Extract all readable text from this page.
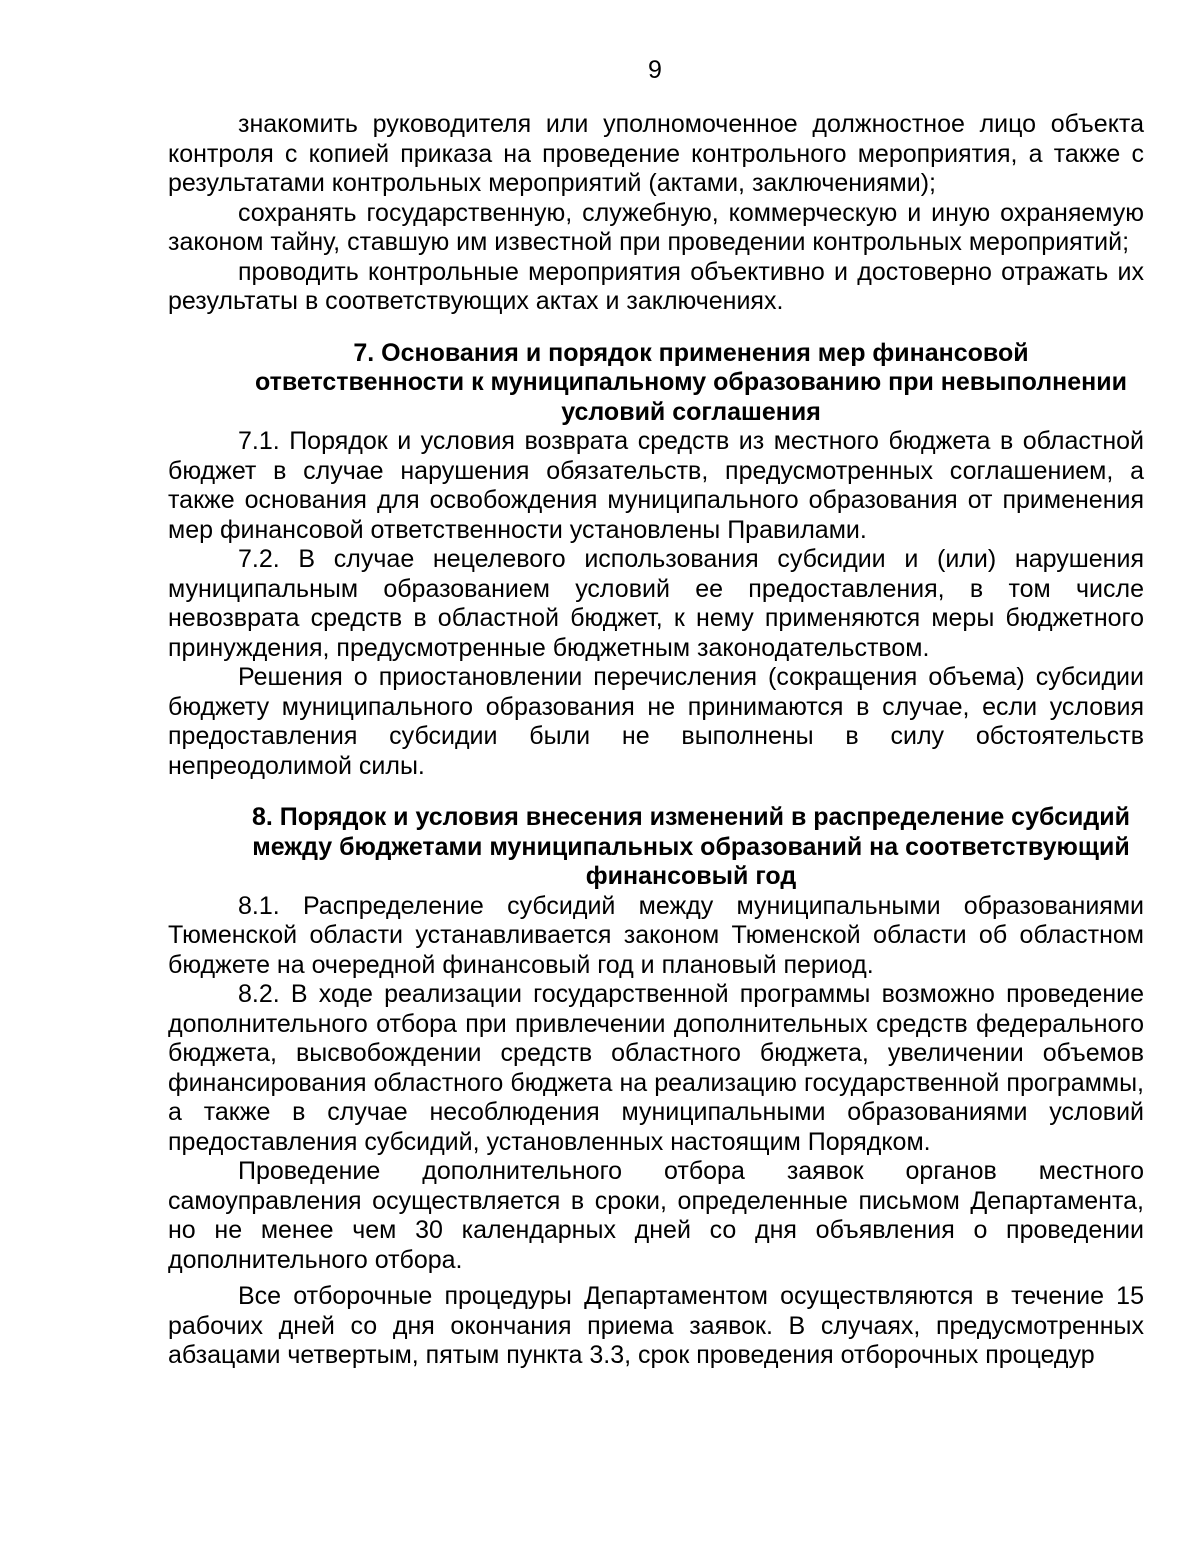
9

знакомить руководителя или уполномоченное должностное лицо объекта контроля с копией приказа на проведение контрольного мероприятия, а также с результатами контрольных мероприятий (актами, заключениями);

сохранять государственную, служебную, коммерческую и иную охраняемую законом тайну, ставшую им известной при проведении контрольных мероприятий;

проводить контрольные мероприятия объективно и достоверно отражать их результаты в соответствующих актах и заключениях.

7. Основания и порядок применения мер финансовой
ответственности к муниципальному образованию при невыполнении
условий соглашения

7.1. Порядок и условия возврата средств из местного бюджета в областной бюджет в случае нарушения обязательств, предусмотренных соглашением, а также основания для освобождения муниципального образования от применения мер финансовой ответственности установлены Правилами.

7.2. В случае нецелевого использования субсидии и (или) нарушения муниципальным образованием условий ее предоставления, в том числе невозврата средств в областной бюджет, к нему применяются меры бюджетного принуждения, предусмотренные бюджетным законодательством.

Решения о приостановлении перечисления (сокращения объема) субсидии бюджету муниципального образования не принимаются в случае, если условия предоставления субсидии были не выполнены в силу обстоятельств непреодолимой силы.

8. Порядок и условия внесения изменений в распределение субсидий
между бюджетами муниципальных образований на соответствующий
финансовый год

8.1. Распределение субсидий между муниципальными образованиями Тюменской области устанавливается законом Тюменской области об областном бюджете на очередной финансовый год и плановый период.

8.2. В ходе реализации государственной программы возможно проведение дополнительного отбора при привлечении дополнительных средств федерального бюджета, высвобождении средств областного бюджета, увеличении объемов финансирования областного бюджета на реализацию государственной программы, а также в случае несоблюдения муниципальными образованиями условий предоставления субсидий, установленных настоящим Порядком.

Проведение дополнительного отбора заявок органов местного самоуправления осуществляется в сроки, определенные письмом Департамента, но не менее чем 30 календарных дней со дня объявления о проведении дополнительного отбора.

Все отборочные процедуры Департаментом осуществляются в течение 15 рабочих дней со дня окончания приема заявок. В случаях, предусмотренных абзацами четвертым, пятым пункта 3.3, срок проведения отборочных процедур
